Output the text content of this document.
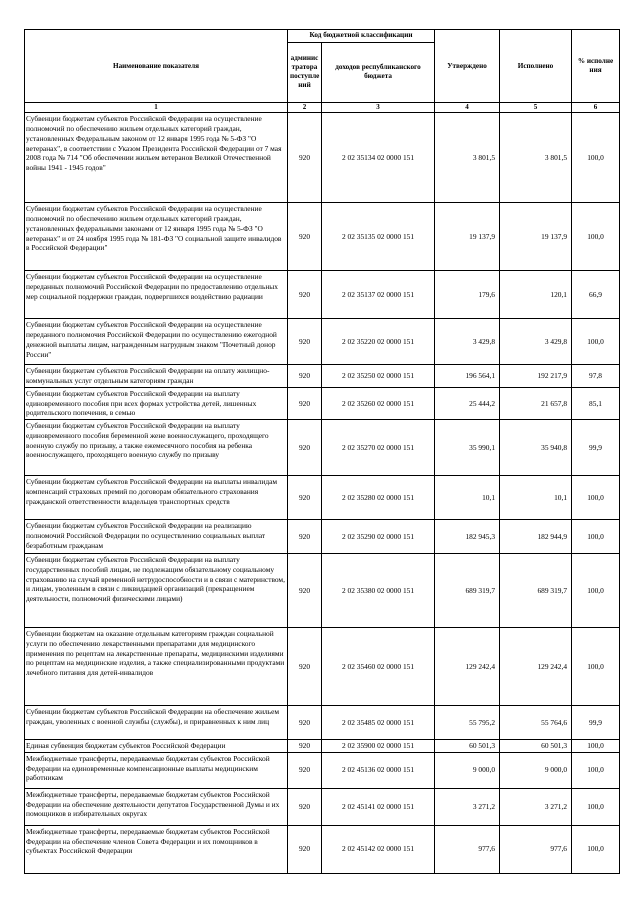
Наименование показателя	Код бюджетной классификации		Утверждено	Исполнено	% исполне ния
	админис тратора поступле ний	доходов республиканского бюджета			
1	2	3	4	5	6
Субвенции бюджетам субъектов Российской Федерации на осуществление полномочий по обеспечению жильем отдельных категорий граждан, установленных Федеральным законом от 12 января 1995 года № 5-ФЗ "О ветеранах", в соответствии с Указом Президента Российской Федерации от 7 мая 2008 года № 714 "Об обеспечении жильем ветеранов Великой Отечественной войны 1941 - 1945 годов"	920	2 02 35134 02 0000 151	3 801,5	3 801,5	100,0
Субвенции бюджетам субъектов Российской Федерации на осуществление полномочий по обеспечению жильем отдельных категорий граждан, установленных федеральными законами от 12 января 1995 года № 5-ФЗ "О ветеранах" и от 24 ноября 1995 года № 181-ФЗ "О социальной защите инвалидов в Российской Федерации"	920	2 02 35135 02 0000 151	19 137,9	19 137,9	100,0
Субвенции бюджетам субъектов Российской Федерации на осуществление переданных полномочий Российской Федерации по предоставлению отдельных мер социальной поддержки граждан, подвергшихся воздействию радиации	920	2 02 35137 02 0000 151	179,6	120,1	66,9
Субвенции бюджетам субъектов Российской Федерации на осуществление переданного полномочия Российской Федерации по осуществлению ежегодной денежной выплаты лицам, награжденным нагрудным знаком "Почетный донор России"	920	2 02 35220 02 0000 151	3 429,8	3 429,8	100,0
Субвенции бюджетам субъектов Российской Федерации на оплату жилищно-коммунальных услуг отдельным категориям граждан	920	2 02 35250 02 0000 151	196 564,1	192 217,9	97,8
Субвенции бюджетам субъектов Российской Федерации на выплату единовременного пособия при всех формах устройства детей, лишенных родительского попечения, в семью	920	2 02 35260 02 0000 151	25 444,2	21 657,8	85,1
Субвенции бюджетам субъектов Российской Федерации на выплату единовременного пособия беременной жене военнослужащего, проходящего военную службу по призыву, а также ежемесячного пособия на ребенка военнослужащего, проходящего военную службу по призыву	920	2 02 35270 02 0000 151	35 990,1	35 940,8	99,9
Субвенции бюджетам субъектов Российской Федерации на выплаты инвалидам компенсаций страховых премий по договорам обязательного страхования гражданской ответственности владельцев транспортных средств	920	2 02 35280 02 0000 151	10,1	10,1	100,0
Субвенции бюджетам субъектов Российской Федерации на реализацию полномочий Российской Федерации по осуществлению социальных выплат безработным гражданам	920	2 02 35290 02 0000 151	182 945,3	182 944,9	100,0
Субвенции бюджетам субъектов Российской Федерации на выплату государственных пособий лицам, не подлежащим обязательному социальному страхованию на случай временной нетрудоспособности и в связи с материнством, и лицам, уволенным в связи с ликвидацией организаций (прекращением деятельности, полномочий физическими лицами)	920	2 02 35380 02 0000 151	689 319,7	689 319,7	100,0
Субвенции бюджетам на оказание отдельным категориям граждан социальной услуги по обеспечению лекарственными препаратами для медицинского применения по рецептам на лекарственные препараты, медицинскими изделиями по рецептам на медицинские изделия, а также специализированными продуктами лечебного питания для детей-инвалидов	920	2 02 35460 02 0000 151	129 242,4	129 242,4	100,0
Субвенции бюджетам субъектов Российской Федерации на обеспечение жильем граждан, уволенных с военной службы (службы), и приравненных к ним лиц	920	2 02 35485 02 0000 151	55 795,2	55 764,6	99,9
Единая субвенция бюджетам субъектов Российской Федерации	920	2 02 35900 02 0000 151	60 501,3	60 501,3	100,0
Межбюджетные трансферты, передаваемые бюджетам субъектов Российской Федерации на единовременные компенсационные выплаты медицинским работникам	920	2 02 45136 02 0000 151	9 000,0	9 000,0	100,0
Межбюджетные трансферты, передаваемые бюджетам субъектов Российской Федерации на обеспечение деятельности депутатов Государственной Думы и их помощников в избирательных округах	920	2 02 45141 02 0000 151	3 271,2	3 271,2	100,0
Межбюджетные трансферты, передаваемые бюджетам субъектов Российской Федерации на обеспечение членов Совета Федерации и их помощников в субъектах Российской Федерации	920	2 02 45142 02 0000 151	977,6	977,6	100,0
